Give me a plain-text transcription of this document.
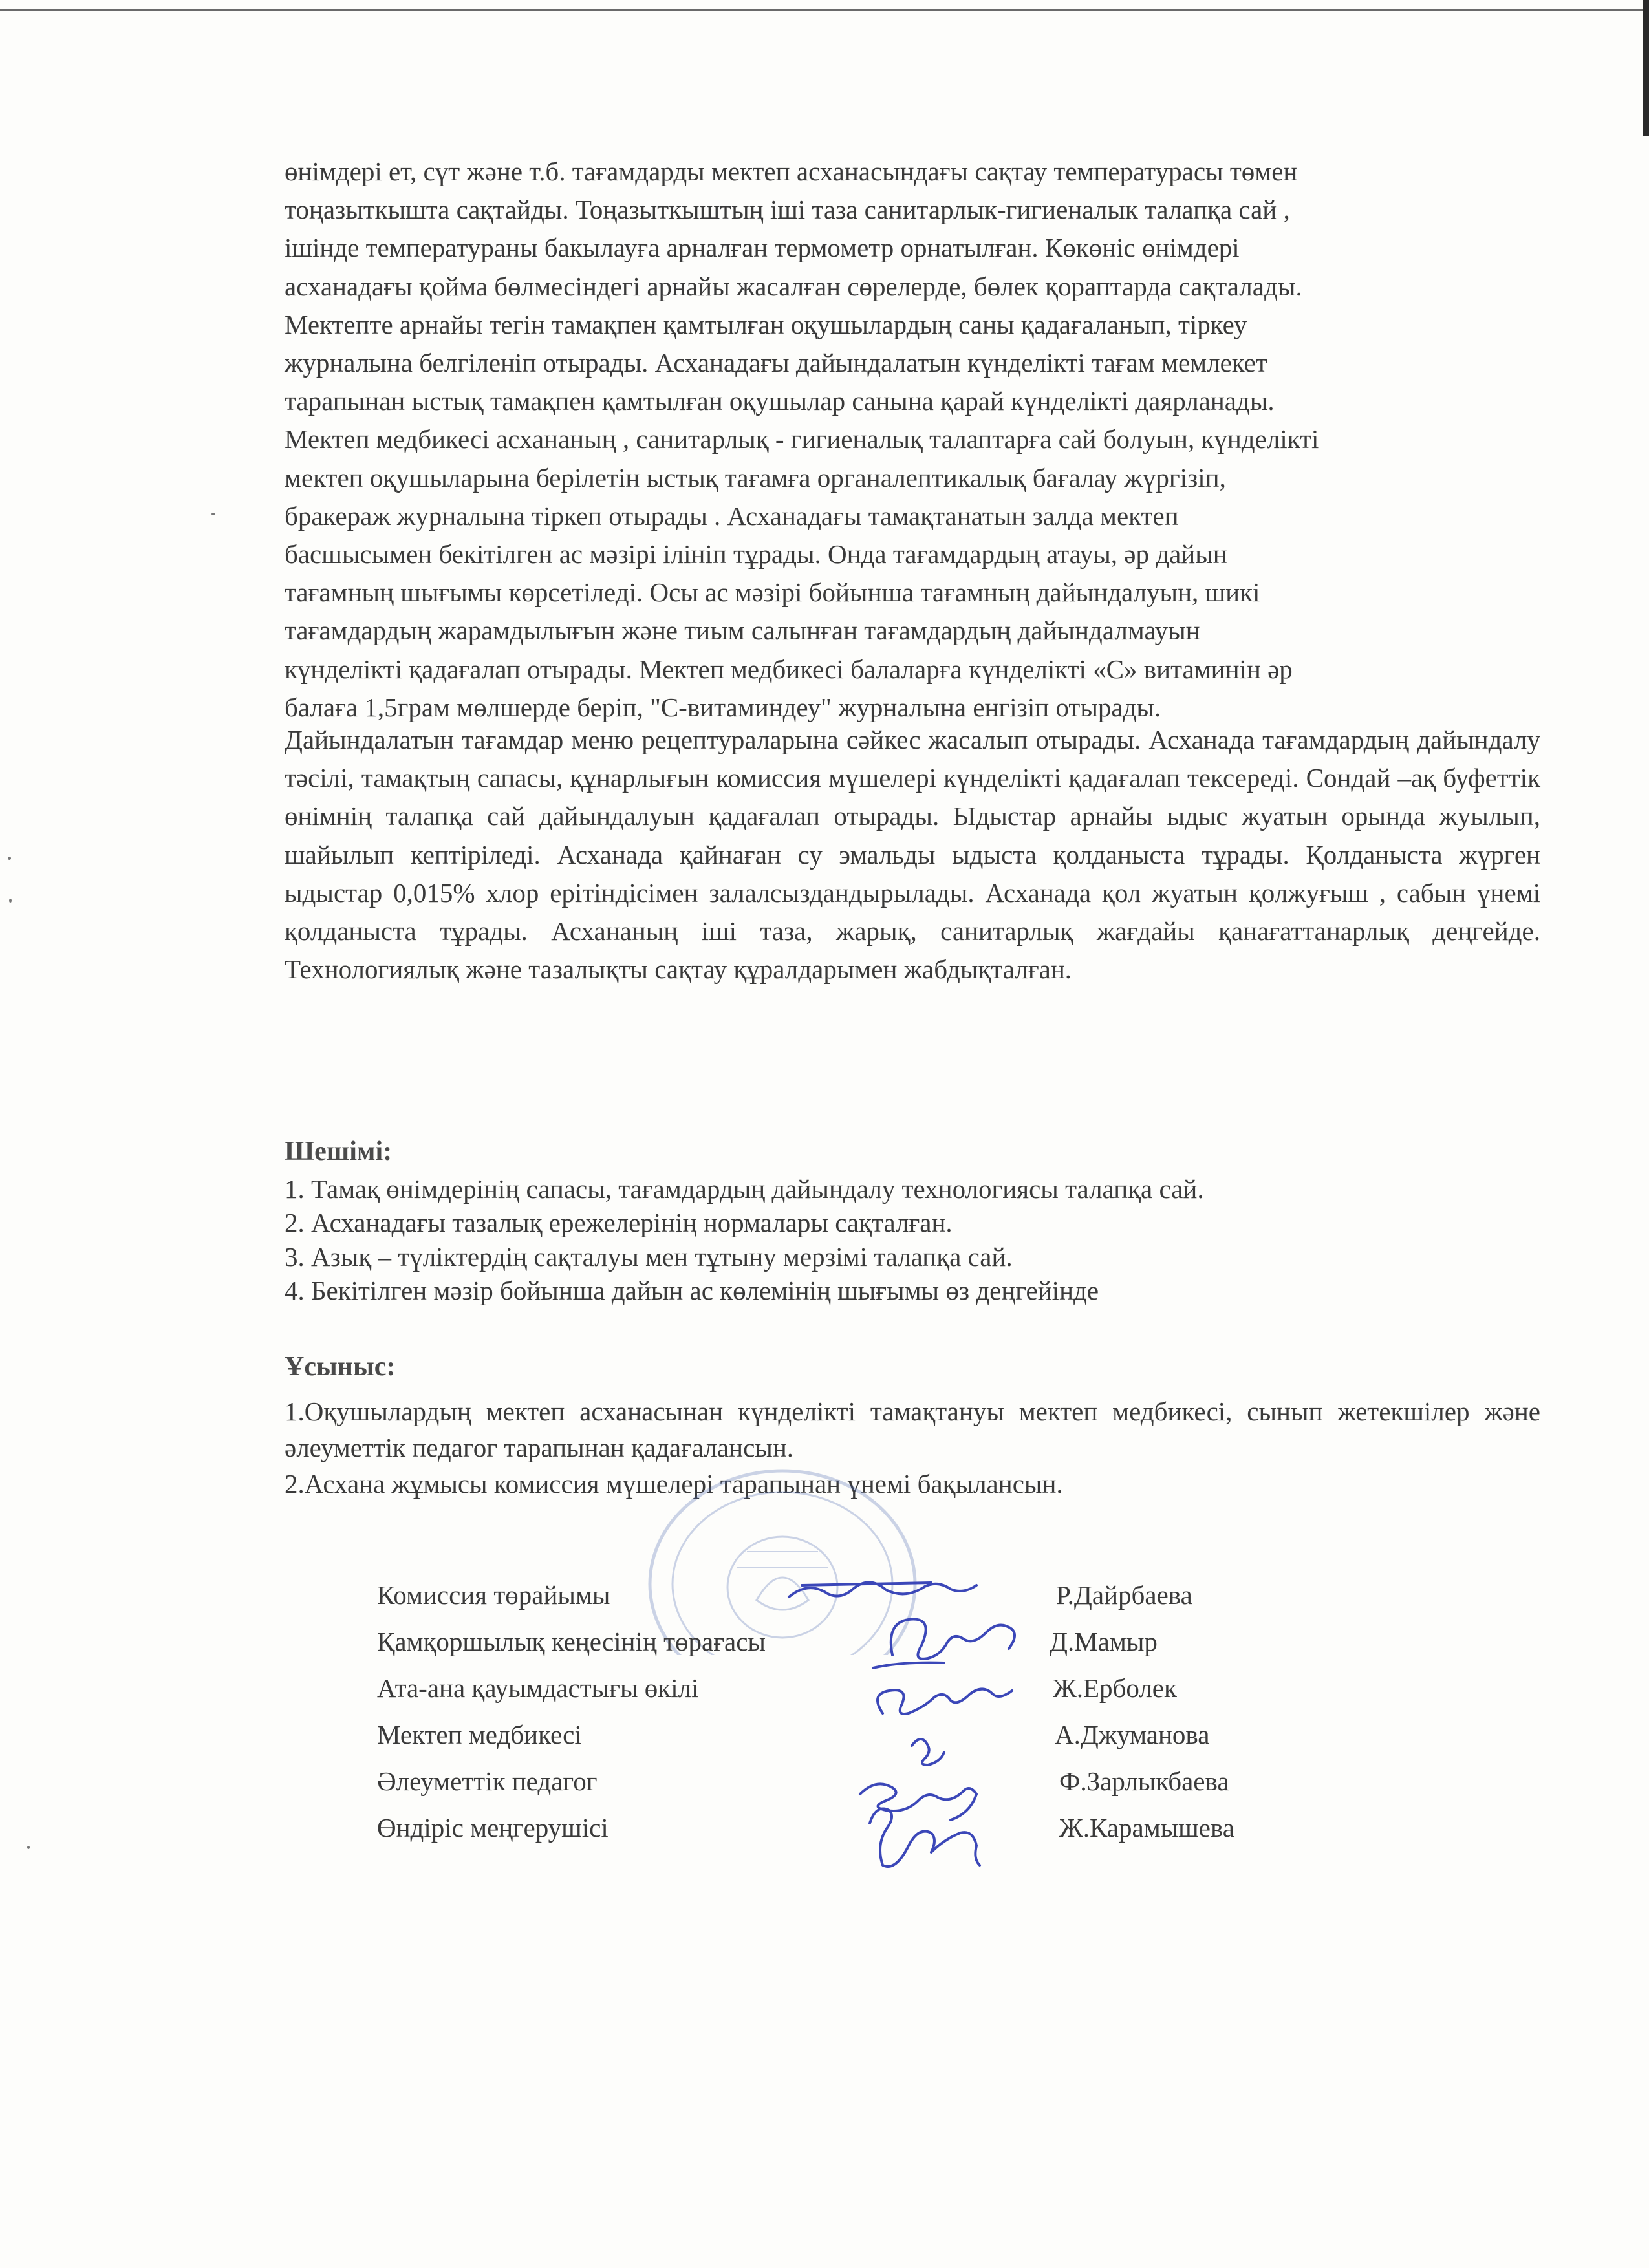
өнімдері ет, сүт және т.б. тағамдарды мектеп асханасындағы сақтау температурасы төмен
тоңазыткышта сақтайды. Тоңазыткыштың іші таза санитарлык-гигиеналык талапқа сай ,
ішінде температураны бакылауға арналған термометр орнатылған. Көкөніс өнімдері
асханадағы қойма бөлмесіндегі арнайы жасалған сөрелерде, бөлек қораптарда сақталады.
Мектепте арнайы тегін тамақпен қамтылған оқушылардың саны қадағаланып, тіркеу
журналына белгіленіп отырады. Асханадағы дайындалатын күнделікті тағам мемлекет
тарапынан ыстық тамақпен қамтылған оқушылар санына қарай күнделікті даярланады.
Мектеп медбикесі асхананың , санитарлық - гигиеналық талаптарға сай болуын, күнделікті
мектеп оқушыларына берілетін ыстық тағамға органалептикалық бағалау жүргізіп,
бракераж журналына тіркеп отырады . Асханадағы тамақтанатын залда мектеп
басшысымен бекітілген ас мәзірі ілініп тұрады. Онда тағамдардың атауы, әр дайын
тағамның шығымы көрсетіледі. Осы ас мәзірі бойынша тағамның дайындалуын, шикі
тағамдардың жарамдылығын және тиым салынған тағамдардың дайындалмауын
күнделікті қадағалап отырады. Мектеп медбикесі балаларға күнделікті «С» витаминін әр
балаға 1,5грам мөлшерде беріп, "С-витаминдеу" журналына енгізіп отырады.
Дайындалатын тағамдар меню рецептураларына сәйкес жасалып отырады. Асханада тағамдардың дайындалу тәсілі, тамақтың сапасы, құнарлығын комиссия мүшелері күнделікті қадағалап тексереді. Сондай –ақ буфеттік өнімнің талапқа сай дайындалуын қадағалап отырады. Ыдыстар арнайы ыдыс жуатын орында жуылып, шайылып кептіріледі. Асханада қайнаған су эмальды ыдыста қолданыста тұрады. Қолданыста жүрген ыдыстар 0,015% хлор ерітіндісімен залалсыздандырылады. Асханада қол жуатын қолжуғыш , сабын үнемі қолданыста тұрады. Асхананың іші таза, жарық, санитарлық жағдайы қанағаттанарлық деңгейде. Технологиялық және тазалықты сақтау құралдарымен жабдықталған.
Шешімі:
1. Тамақ өнімдерінің сапасы, тағамдардың дайындалу технологиясы талапқа сай.
2. Асханадағы тазалық ережелерінің нормалары сақталған.
3. Азық – түліктердің сақталуы мен тұтыну мерзімі талапқа сай.
4. Бекітілген мәзір бойынша дайын ас көлемінің шығымы өз деңгейінде
Ұсыныс:
1.Оқушылардың мектеп асханасынан күнделікті тамақтануы мектеп медбикесі, сынып жетекшілер және әлеуметтік педагог тарапынан қадағалансын.
2.Асхана жұмысы комиссия мүшелері тарапынан үнемі бақылансын.
Комиссия төрайымы	Р.Дайрбаева
Қамқоршылық кеңесінің төрағасы	Д.Мамыр
Ата-ана қауымдастығы өкілі	Ж.Ерболек
Мектеп медбикесі	А.Джуманова
Әлеуметтік педагог	Ф.Зарлыкбаева
Өндіріс меңгерушісі	Ж.Карамышева
